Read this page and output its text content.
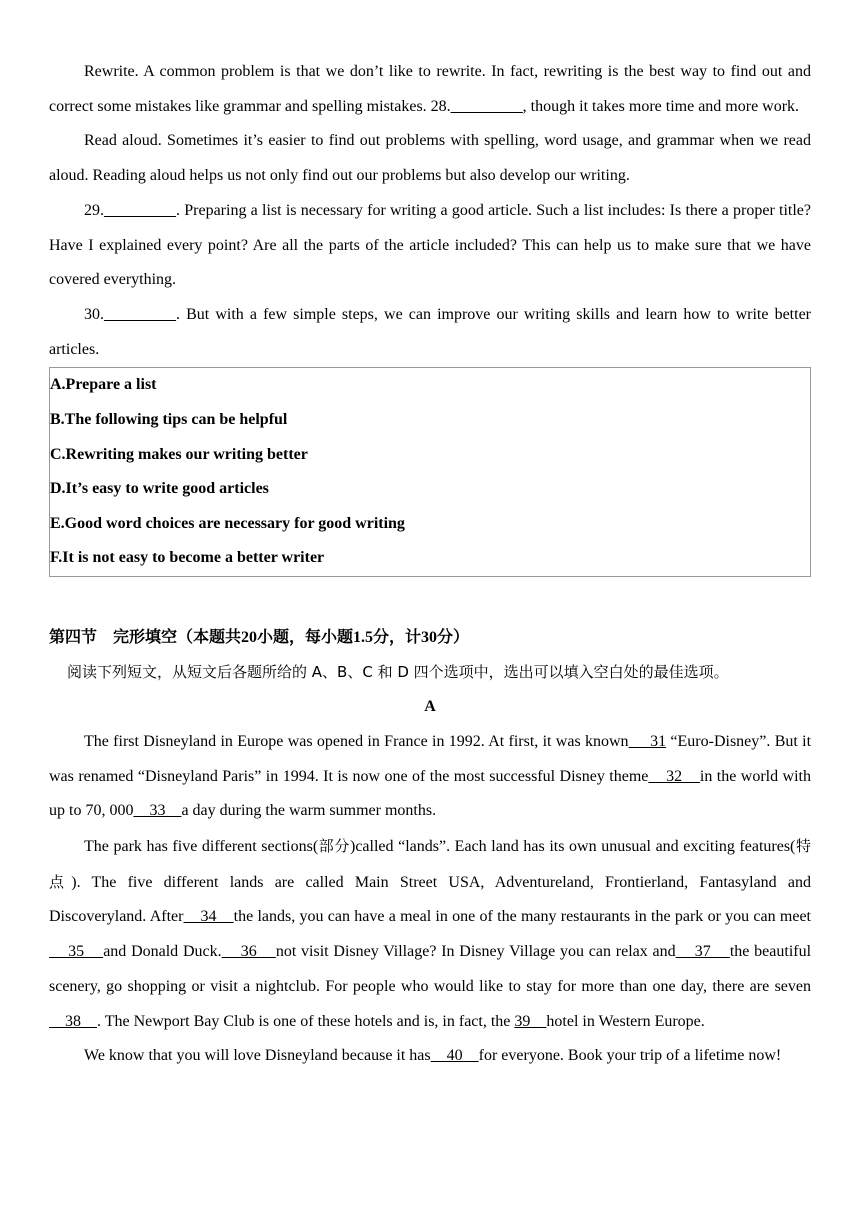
Rewrite. A common problem is that we don’t like to rewrite. In fact, rewriting is the best way to find out and correct some mistakes like grammar and spelling mistakes. 28._________, though it takes more time and more work.

Read aloud. Sometimes it’s easier to find out problems with spelling, word usage, and grammar when we read aloud. Reading aloud helps us not only find out our problems but also develop our writing.

29._________. Preparing a list is necessary for writing a good article. Such a list includes: Is there a proper title? Have I explained every point? Are all the parts of the article included? This can help us to make sure that we have covered everything.

30._________. But with a few simple steps, we can improve our writing skills and learn how to write better articles.

A.Prepare a list
B.The following tips can be helpful
C.Rewriting makes our writing better
D.It’s easy to write good articles
E.Good word choices are necessary for good writing
F.It is not easy to become a better writer
第四节　完形填空（本题共20小题，每小题1.5分，计30分）
阅读下列短文，从短文后各题所给的 A、B、C 和 D 四个选项中，选出可以填入空白处的最佳选项。
A

The first Disneyland in Europe was opened in France in 1992. At first, it was known     31 “Euro-Disney”. But it was renamed “Disneyland Paris” in 1994. It is now one of the most successful Disney theme    32    in the world with up to 70, 000    33    a day during the warm summer months.

The park has five different sections(部分)called “lands”. Each land has its own unusual and exciting features(特 点). The five different lands are called Main Street USA, Adventureland, Frontierland, Fantasyland and Discoveryland. After    34    the lands, you can have a meal in one of the many restaurants in the park or you can meet    35    and Donald Duck.    36    not visit Disney Village? In Disney Village you can relax and    37    the beautiful scenery, go shopping or visit a nightclub. For people who would like to stay for more than one day, there are seven    38    . The Newport Bay Club is one of these hotels and is, in fact, the 39    hotel in Western Europe.

We know that you will love Disneyland because it has    40    for everyone. Book your trip of a lifetime now!
